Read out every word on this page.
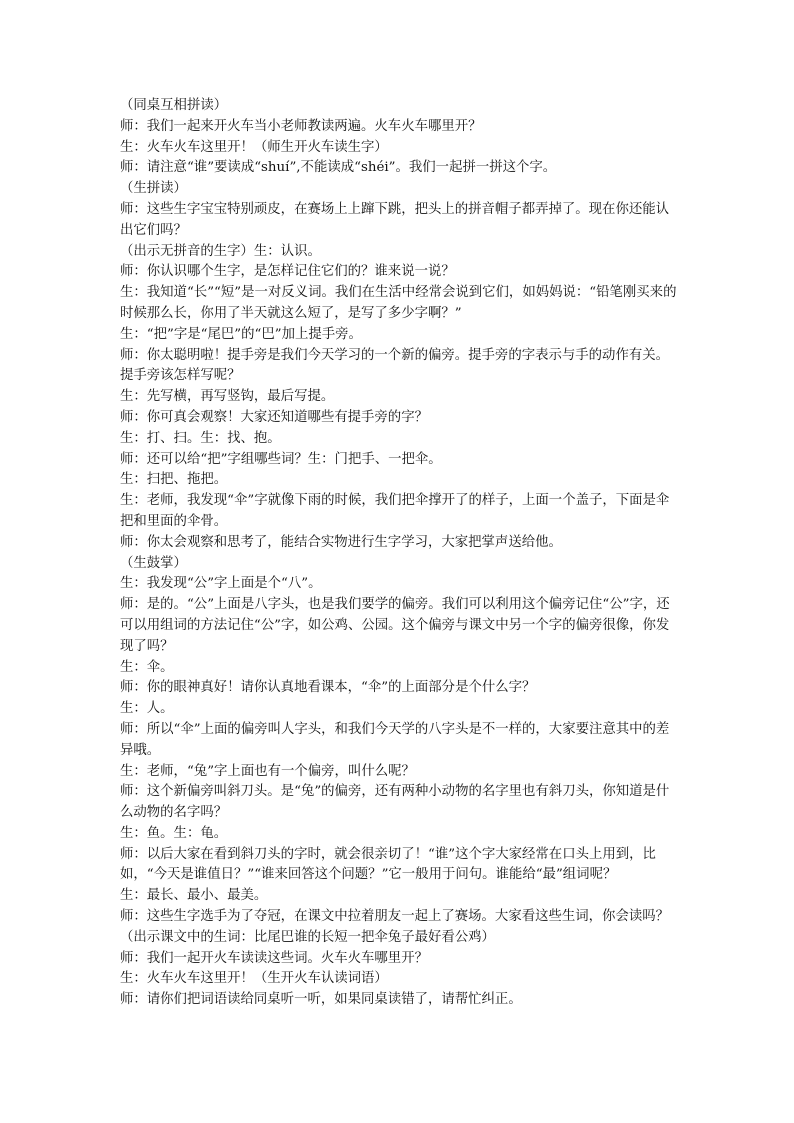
（同桌互相拼读）

师：我们一起来开火车当小老师教读两遍。火车火车哪里开？

生：火车火车这里开！（师生开火车读生字）

师：请注意“谁”要读成“shuí”,不能读成“shéi”。我们一起拼一拼这个字。

（生拼读）

师：这些生字宝宝特别顽皮，在赛场上上蹿下跳，把头上的拼音帽子都弄掉了。现在你还能认出它们吗？

（出示无拼音的生字）生：认识。

师：你认识哪个生字，是怎样记住它们的？谁来说一说？

生：我知道“长”“短”是一对反义词。我们在生活中经常会说到它们，如妈妈说：“铅笔刚买来的时候那么长，你用了半天就这么短了，是写了多少字啊？”

生：“把”字是“尾巴”的“巴”加上提手旁。

师：你太聪明啦！提手旁是我们今天学习的一个新的偏旁。提手旁的字表示与手的动作有关。提手旁该怎样写呢？

生：先写横，再写竖钩，最后写提。

师：你可真会观察！大家还知道哪些有提手旁的字？

生：打、扫。生：找、抱。

师：还可以给“把”字组哪些词？生：门把手、一把伞。

生：扫把、拖把。

生：老师，我发现“伞”字就像下雨的时候，我们把伞撑开了的样子，上面一个盖子，下面是伞把和里面的伞骨。

师：你太会观察和思考了，能结合实物进行生字学习，大家把掌声送给他。

（生鼓掌）

生：我发现“公”字上面是个“八”。

师：是的。“公”上面是八字头，也是我们要学的偏旁。我们可以利用这个偏旁记住“公”字，还可以用组词的方法记住“公”字，如公鸡、公园。这个偏旁与课文中另一个字的偏旁很像，你发现了吗？

生：伞。

师：你的眼神真好！请你认真地看课本，“伞”的上面部分是个什么字？

生：人。

师：所以“伞”上面的偏旁叫人字头，和我们今天学的八字头是不一样的，大家要注意其中的差异哦。

生：老师，“兔”字上面也有一个偏旁，叫什么呢？

师：这个新偏旁叫斜刀头。是“兔”的偏旁，还有两种小动物的名字里也有斜刀头，你知道是什么动物的名字吗？

生：鱼。生：龟。

师：以后大家在看到斜刀头的字时，就会很亲切了！“谁”这个字大家经常在口头上用到，比如，“今天是谁值日？”“谁来回答这个问题？”它一般用于问句。谁能给“最”组词呢？

生：最长、最小、最美。

师：这些生字选手为了夺冠，在课文中拉着朋友一起上了赛场。大家看这些生词，你会读吗？

（出示课文中的生词：比尾巴谁的长短一把伞兔子最好看公鸡）

师：我们一起开火车读读这些词。火车火车哪里开？

生：火车火车这里开！（生开火车认读词语）

师：请你们把词语读给同桌听一听，如果同桌读错了，请帮忙纠正。
